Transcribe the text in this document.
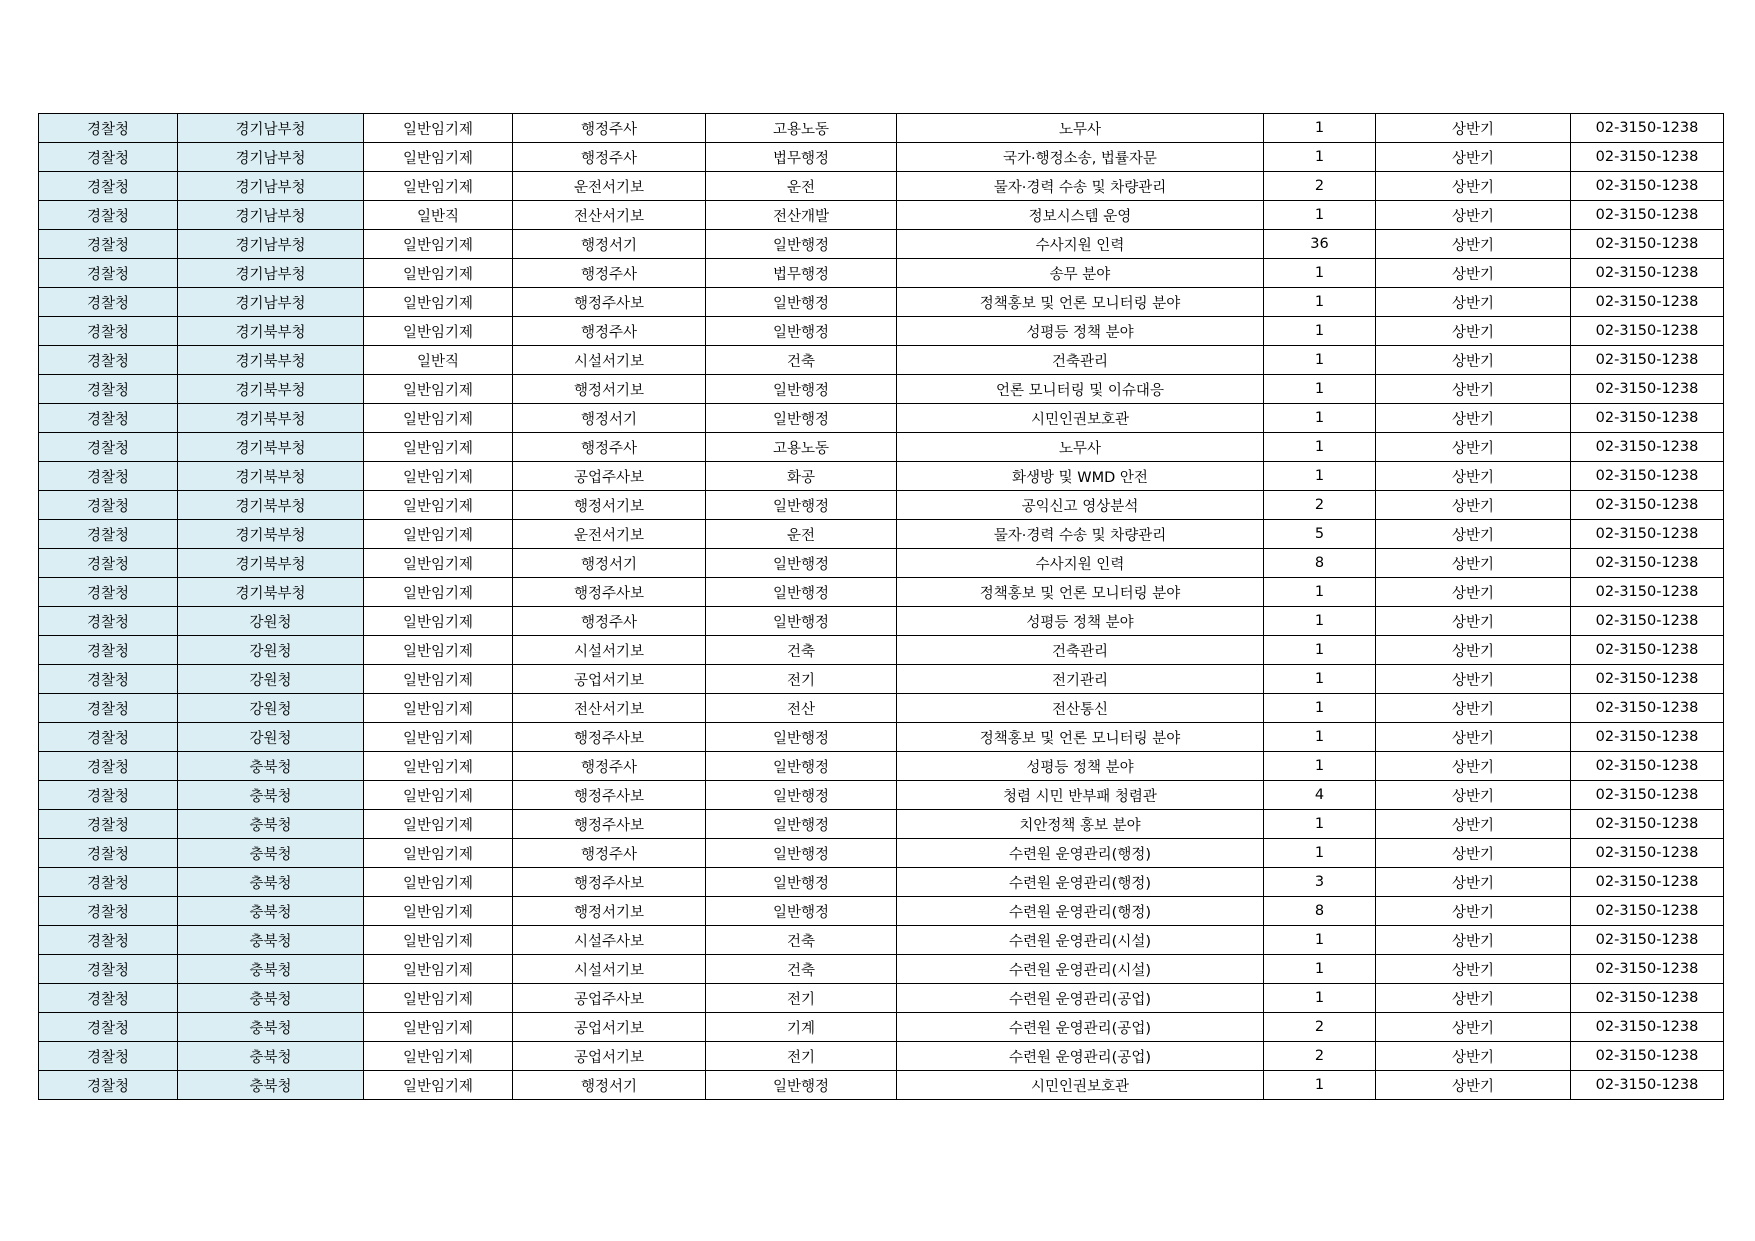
경찰청	경기남부청	일반임기제	행정주사	고용노동	노무사	1	상반기	02-3150-1238
경찰청	경기남부청	일반임기제	행정주사	법무행정	국가·행정소송, 법률자문	1	상반기	02-3150-1238
경찰청	경기남부청	일반임기제	운전서기보	운전	물자·경력 수송 및 차량관리	2	상반기	02-3150-1238
경찰청	경기남부청	일반직	전산서기보	전산개발	정보시스템 운영	1	상반기	02-3150-1238
경찰청	경기남부청	일반임기제	행정서기	일반행정	수사지원 인력	36	상반기	02-3150-1238
경찰청	경기남부청	일반임기제	행정주사	법무행정	송무 분야	1	상반기	02-3150-1238
경찰청	경기남부청	일반임기제	행정주사보	일반행정	정책홍보 및 언론 모니터링 분야	1	상반기	02-3150-1238
경찰청	경기북부청	일반임기제	행정주사	일반행정	성평등 정책 분야	1	상반기	02-3150-1238
경찰청	경기북부청	일반직	시설서기보	건축	건축관리	1	상반기	02-3150-1238
경찰청	경기북부청	일반임기제	행정서기보	일반행정	언론 모니터링 및 이슈대응	1	상반기	02-3150-1238
경찰청	경기북부청	일반임기제	행정서기	일반행정	시민인권보호관	1	상반기	02-3150-1238
경찰청	경기북부청	일반임기제	행정주사	고용노동	노무사	1	상반기	02-3150-1238
경찰청	경기북부청	일반임기제	공업주사보	화공	화생방 및 WMD 안전	1	상반기	02-3150-1238
경찰청	경기북부청	일반임기제	행정서기보	일반행정	공익신고 영상분석	2	상반기	02-3150-1238
경찰청	경기북부청	일반임기제	운전서기보	운전	물자·경력 수송 및 차량관리	5	상반기	02-3150-1238
경찰청	경기북부청	일반임기제	행정서기	일반행정	수사지원 인력	8	상반기	02-3150-1238
경찰청	경기북부청	일반임기제	행정주사보	일반행정	정책홍보 및 언론 모니터링 분야	1	상반기	02-3150-1238
경찰청	강원청	일반임기제	행정주사	일반행정	성평등 정책 분야	1	상반기	02-3150-1238
경찰청	강원청	일반임기제	시설서기보	건축	건축관리	1	상반기	02-3150-1238
경찰청	강원청	일반임기제	공업서기보	전기	전기관리	1	상반기	02-3150-1238
경찰청	강원청	일반임기제	전산서기보	전산	전산통신	1	상반기	02-3150-1238
경찰청	강원청	일반임기제	행정주사보	일반행정	정책홍보 및 언론 모니터링 분야	1	상반기	02-3150-1238
경찰청	충북청	일반임기제	행정주사	일반행정	성평등 정책 분야	1	상반기	02-3150-1238
경찰청	충북청	일반임기제	행정주사보	일반행정	청렴 시민 반부패 청렴관	4	상반기	02-3150-1238
경찰청	충북청	일반임기제	행정주사보	일반행정	치안정책 홍보 분야	1	상반기	02-3150-1238
경찰청	충북청	일반임기제	행정주사	일반행정	수련원 운영관리(행정)	1	상반기	02-3150-1238
경찰청	충북청	일반임기제	행정주사보	일반행정	수련원 운영관리(행정)	3	상반기	02-3150-1238
경찰청	충북청	일반임기제	행정서기보	일반행정	수련원 운영관리(행정)	8	상반기	02-3150-1238
경찰청	충북청	일반임기제	시설주사보	건축	수련원 운영관리(시설)	1	상반기	02-3150-1238
경찰청	충북청	일반임기제	시설서기보	건축	수련원 운영관리(시설)	1	상반기	02-3150-1238
경찰청	충북청	일반임기제	공업주사보	전기	수련원 운영관리(공업)	1	상반기	02-3150-1238
경찰청	충북청	일반임기제	공업서기보	기계	수련원 운영관리(공업)	2	상반기	02-3150-1238
경찰청	충북청	일반임기제	공업서기보	전기	수련원 운영관리(공업)	2	상반기	02-3150-1238
경찰청	충북청	일반임기제	행정서기	일반행정	시민인권보호관	1	상반기	02-3150-1238
